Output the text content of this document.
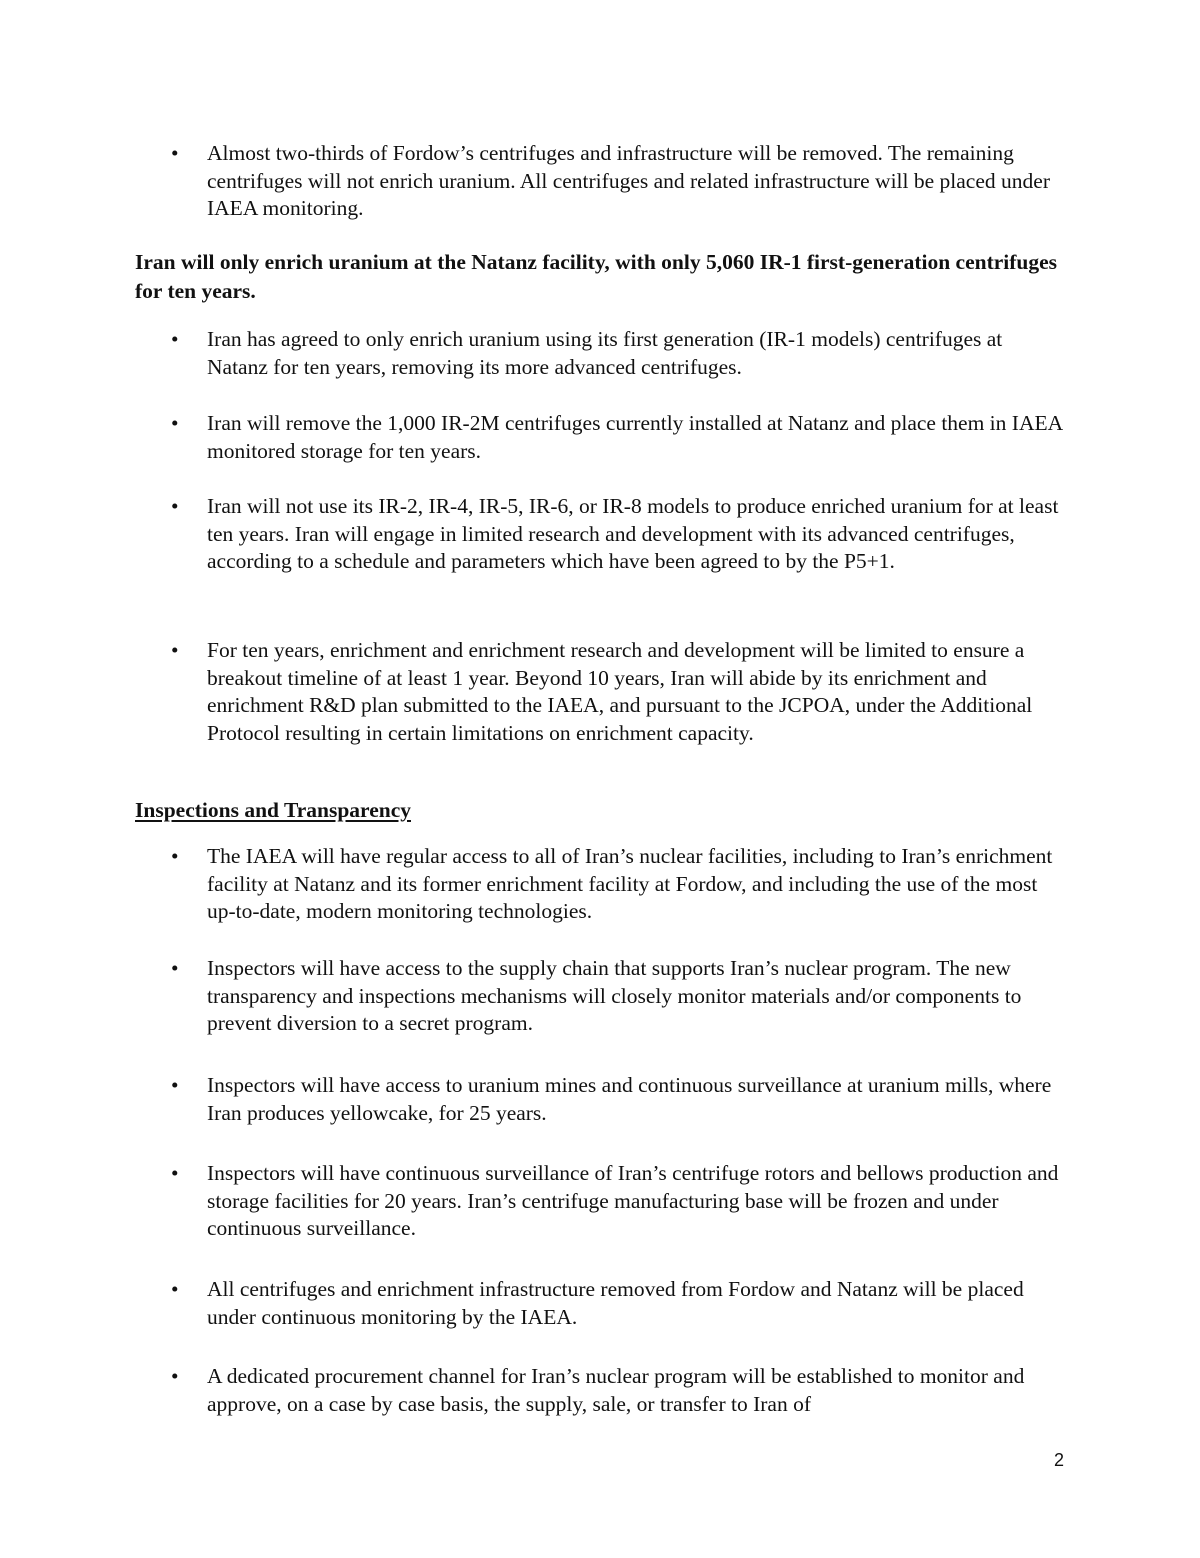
•	Almost two-thirds of Fordow’s centrifuges and infrastructure will be removed. The remaining centrifuges will not enrich uranium. All centrifuges and related infrastructure will be placed under IAEA monitoring.
Iran will only enrich uranium at the Natanz facility, with only 5,060 IR-1 first-generation centrifuges for ten years.
•	Iran has agreed to only enrich uranium using its first generation (IR-1 models) centrifuges at Natanz for ten years, removing its more advanced centrifuges.
•	Iran will remove the 1,000 IR-2M centrifuges currently installed at Natanz and place them in IAEA monitored storage for ten years.
•	Iran will not use its IR-2, IR-4, IR-5, IR-6, or IR-8 models to produce enriched uranium for at least ten years. Iran will engage in limited research and development with its advanced centrifuges, according to a schedule and parameters which have been agreed to by the P5+1.
•	For ten years, enrichment and enrichment research and development will be limited to ensure a breakout timeline of at least 1 year. Beyond 10 years, Iran will abide by its enrichment and enrichment R&D plan submitted to the IAEA, and pursuant to the JCPOA, under the Additional Protocol resulting in certain limitations on enrichment capacity.
Inspections and Transparency
•	The IAEA will have regular access to all of Iran’s nuclear facilities, including to Iran’s enrichment facility at Natanz and its former enrichment facility at Fordow, and including the use of the most up-to-date, modern monitoring technologies.
•	Inspectors will have access to the supply chain that supports Iran’s nuclear program. The new transparency and inspections mechanisms will closely monitor materials and/or components to prevent diversion to a secret program.
•	Inspectors will have access to uranium mines and continuous surveillance at uranium mills, where Iran produces yellowcake, for 25 years.
•	Inspectors will have continuous surveillance of Iran’s centrifuge rotors and bellows production and storage facilities for 20 years. Iran’s centrifuge manufacturing base will be frozen and under continuous surveillance.
•	All centrifuges and enrichment infrastructure removed from Fordow and Natanz will be placed under continuous monitoring by the IAEA.
•	A dedicated procurement channel for Iran’s nuclear program will be established to monitor and approve, on a case by case basis, the supply, sale, or transfer to Iran of
2
